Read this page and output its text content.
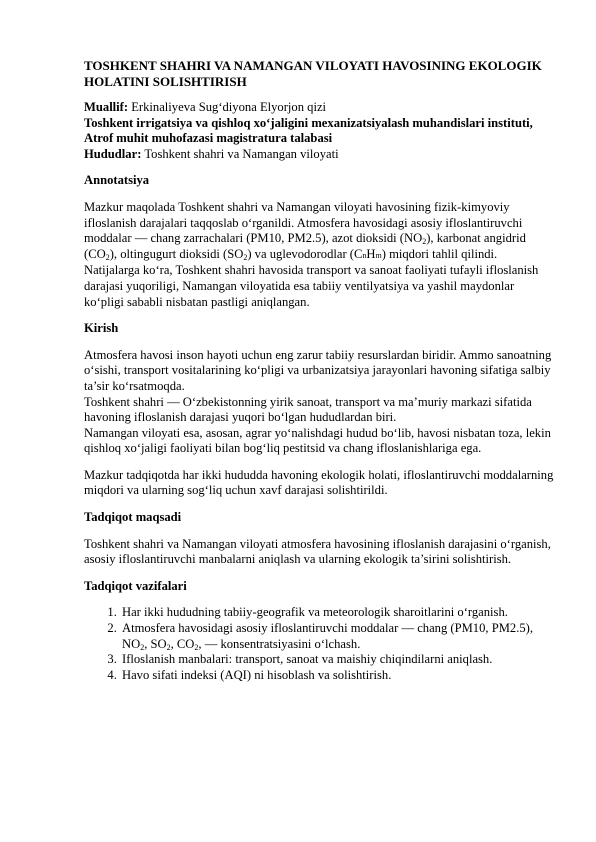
TOSHKENT SHAHRI VA NAMANGAN VILOYATI HAVOSINING EKOLOGIK HOLATINI SOLISHTIRISH
Muallif: Erkinaliyeva Sug‘diyona Elyorjon qizi
Toshkent irrigatsiya va qishloq xo‘jaligini mexanizatsiyalash muhandislari instituti, Atrof muhit muhofazasi magistratura talabasi
Hududlar: Toshkent shahri va Namangan viloyati
Annotatsiya

Mazkur maqolada Toshkent shahri va Namangan viloyati havosining fizik-kimyoviy ifloslanish darajalari taqqoslab o‘rganildi. Atmosfera havosidagi asosiy ifloslantiruvchi moddalar — chang zarrachalari (PM10, PM2.5), azot dioksidi $(NO_2)$, karbonat angidrid $(CO_2)$, oltingugurt dioksidi $(SO_2)$ va uglevodorodlar (CnHm) miqdori tahlil qilindi. Natijalarga ko‘ra, Toshkent shahri havosida transport va sanoat faoliyati tufayli ifloslanish darajasi yuqoriligi, Namangan viloyatida esa tabiiy ventilyatsiya va yashil maydonlar ko‘pligi sababli nisbatan pastligi aniqlangan.

Kirish

Atmosfera havosi inson hayoti uchun eng zarur tabiiy resurslardan biridir. Ammo sanoatning o‘sishi, transport vositalarining ko‘pligi va urbanizatsiya jarayonlari havoning sifatiga salbiy ta’sir ko‘rsatmoqda.

Toshkent shahri — O‘zbekistonning yirik sanoat, transport va ma’muriy markazi sifatida havoning ifloslanish darajasi yuqori bo‘lgan hududlardan biri.

Namangan viloyati esa, asosan, agrar yo‘nalishdagi hudud bo‘lib, havosi nisbatan toza, lekin qishloq xo‘jaligi faoliyati bilan bog‘liq pestitsid va chang ifloslanishlariga ega.

Mazkur tadqiqotda har ikki hududda havoning ekologik holati, ifloslantiruvchi moddalarning miqdori va ularning sog‘liq uchun xavf darajasi solishtirildi.

Tadqiqot maqsadi

Toshkent shahri va Namangan viloyati atmosfera havosining ifloslanish darajasini o‘rganish, asosiy ifloslantiruvchi manbalarni aniqlash va ularning ekologik ta’sirini solishtirish.

Tadqiqot vazifalari
1. Har ikki hududning tabiiy-geografik va meteorologik sharoitlarini o‘rganish.
2. Atmosfera havosidagi asosiy ifloslantiruvchi moddalar — chang (PM10, PM2.5), $NO_2$, $SO_2$, $CO_2$, — konsentratsiyasini o‘lchash.
3. Ifloslanish manbalari: transport, sanoat va maishiy chiqindilarni aniqlash.
4. Havo sifati indeksi (AQI) ni hisoblash va solishtirish.
